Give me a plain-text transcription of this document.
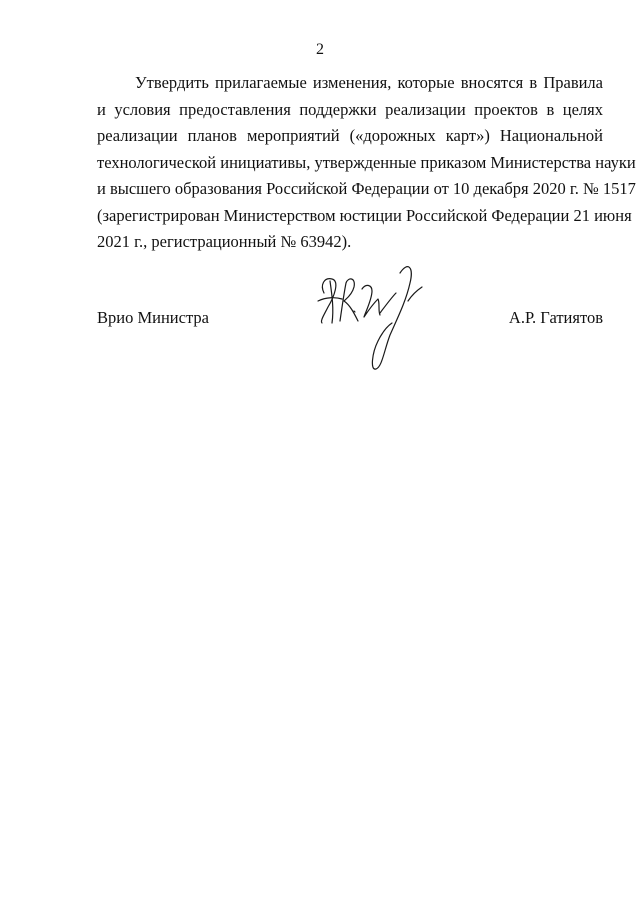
2
Утвердить прилагаемые изменения, которые вносятся в Правила
и условия предоставления поддержки реализации проектов в целях
реализации планов мероприятий («дорожных карт») Национальной
технологической инициативы, утвержденные приказом Министерства науки
и высшего образования Российской Федерации от 10 декабря 2020 г. № 1517
(зарегистрирован Министерством юстиции Российской Федерации 21 июня
2021 г., регистрационный № 63942).
Врио Министра	А.Р. Гатиятов
